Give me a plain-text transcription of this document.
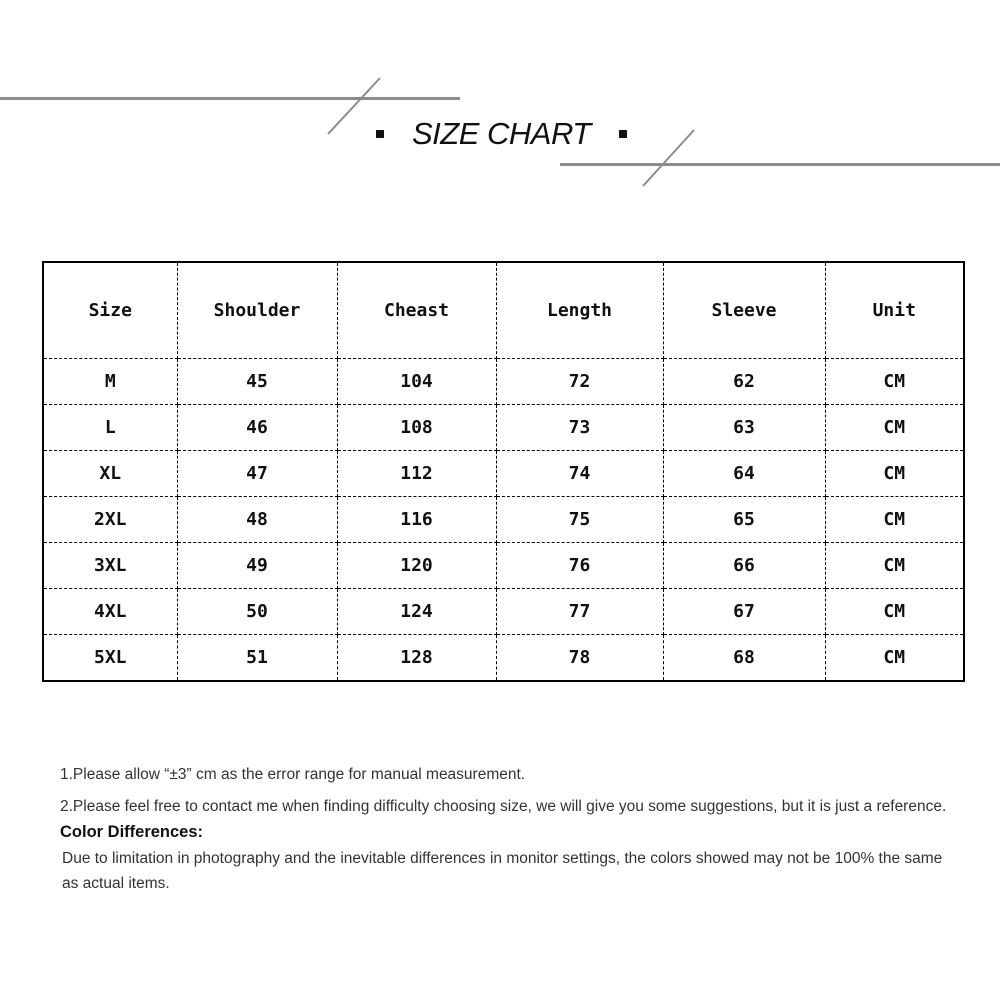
SIZE CHART
Size	Shoulder	Cheast	Length	Sleeve	Unit
M	45	104	72	62	CM
L	46	108	73	63	CM
XL	47	112	74	64	CM
2XL	48	116	75	65	CM
3XL	49	120	76	66	CM
4XL	50	124	77	67	CM
5XL	51	128	78	68	CM

1.Please allow “±3” cm as the error range for manual measurement.

2.Please feel free to contact me when finding difficulty choosing size, we will give you some suggestions, but it is just a reference.

Color Differences:

Due to limitation in photography and the inevitable differences in monitor settings, the colors showed may not be 100% the same as actual items.
